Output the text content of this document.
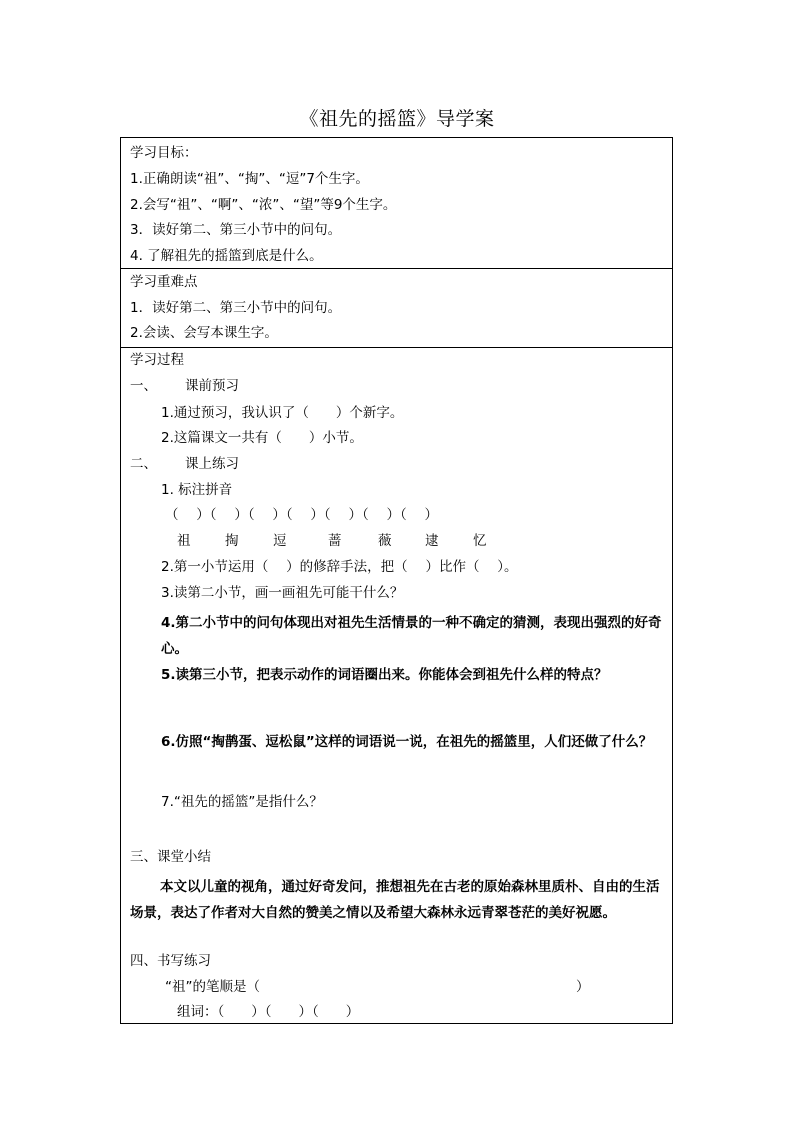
《祖先的摇篮》导学案
学习目标：
1.正确朗读“祖”、“掏”、“逗”7个生字。
2.会写“祖”、“啊”、“浓”、“望”等9个生字。
3．读好第二、第三小节中的问句。
4. 了解祖先的摇篮到底是什么。
学习重难点
1．读好第二、第三小节中的问句。
2.会读、会写本课生字。
学习过程
一、 课前预习
1.通过预习，我认识了（　　）个新字。
2.这篇课文一共有（　　）小节。
二、 课上练习
1. 标注拼音
（　 ）（　 ）（　 ）（　 ）（　 ）（　 ）（　 ）
祖	掏	逗	蔷	薇 逮	忆
2.第一小节运用（　 ）的修辞手法，把（　 ）比作（　 ）。
3.读第二小节，画一画祖先可能干什么？
4.第二小节中的问句体现出对祖先生活情景的一种不确定的猜测，表现出强烈的好奇心。
5.读第三小节，把表示动作的词语圈出来。你能体会到祖先什么样的特点？
6.仿照“掏鹊蛋、逗松鼠”这样的词语说一说，在祖先的摇篮里，人们还做了什么？
7.“祖先的摇篮”是指什么？
三、课堂小结
本文以儿童的视角，通过好奇发问，推想祖先在古老的原始森林里质朴、自由的生活场景，表达了作者对大自然的赞美之情以及希望大森林永远青翠苍茫的美好祝愿。
四、书写练习
“祖”的笔顺是（	）
组词：（　　）（　　）（　　）
